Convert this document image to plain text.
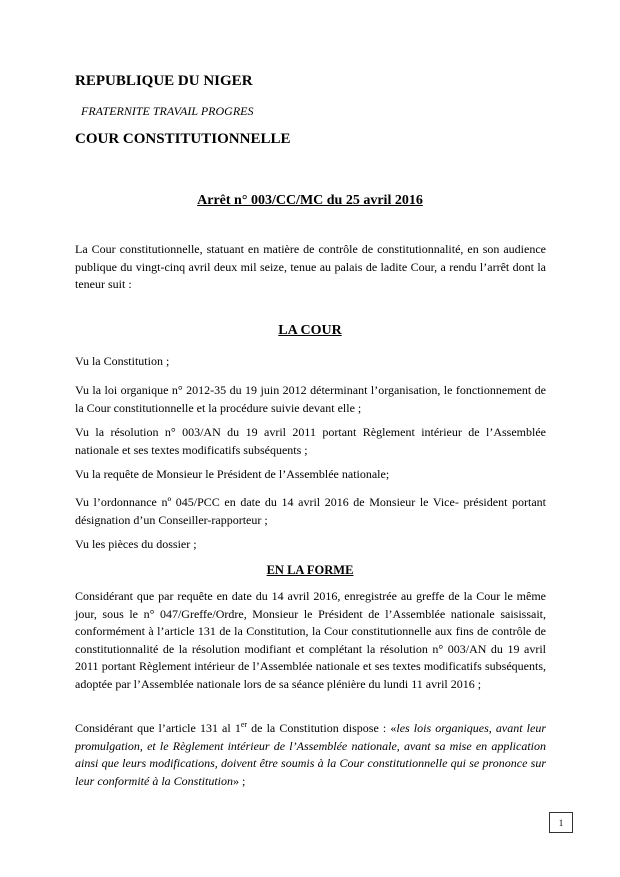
REPUBLIQUE DU NIGER
FRATERNITE TRAVAIL PROGRES
COUR CONSTITUTIONNELLE
Arrêt n° 003/CC/MC du 25 avril 2016
La Cour constitutionnelle, statuant en matière de contrôle de constitutionnalité, en son audience publique du vingt-cinq avril deux mil seize, tenue au palais de ladite Cour, a rendu l’arrêt dont la teneur suit :
LA COUR
Vu la Constitution ;
Vu la loi organique n° 2012-35 du 19 juin 2012 déterminant l’organisation, le fonctionnement de la Cour constitutionnelle et la procédure suivie devant elle ;
Vu la résolution n° 003/AN du 19 avril 2011 portant Règlement intérieur de l’Assemblée nationale et ses textes modificatifs subséquents ;
Vu la requête de Monsieur le Président de l’Assemblée nationale;
Vu l’ordonnance nº 045/PCC en date du 14 avril 2016 de Monsieur le Vice- président portant désignation d’un Conseiller-rapporteur ;
Vu les pièces du dossier ;
EN LA FORME
Considérant que par requête en date du 14 avril 2016, enregistrée au greffe de la Cour le même jour, sous le n° 047/Greffe/Ordre, Monsieur le Président de l’Assemblée nationale saisissait, conformément à l’article 131 de la Constitution, la Cour constitutionnelle aux fins de contrôle de constitutionnalité de la résolution modifiant et complétant la résolution n° 003/AN du 19 avril 2011 portant Règlement intérieur de l’Assemblée nationale et ses textes modificatifs subséquents, adoptée par l’Assemblée nationale lors de sa séance plénière du lundi 11 avril 2016 ;
Considérant que l’article 131 al 1er de la Constitution dispose : «les lois organiques, avant leur promulgation, et le Règlement intérieur de l’Assemblée nationale, avant sa mise en application ainsi que leurs modifications, doivent être soumis à la Cour constitutionnelle qui se prononce sur leur conformité à la Constitution» ;
1
